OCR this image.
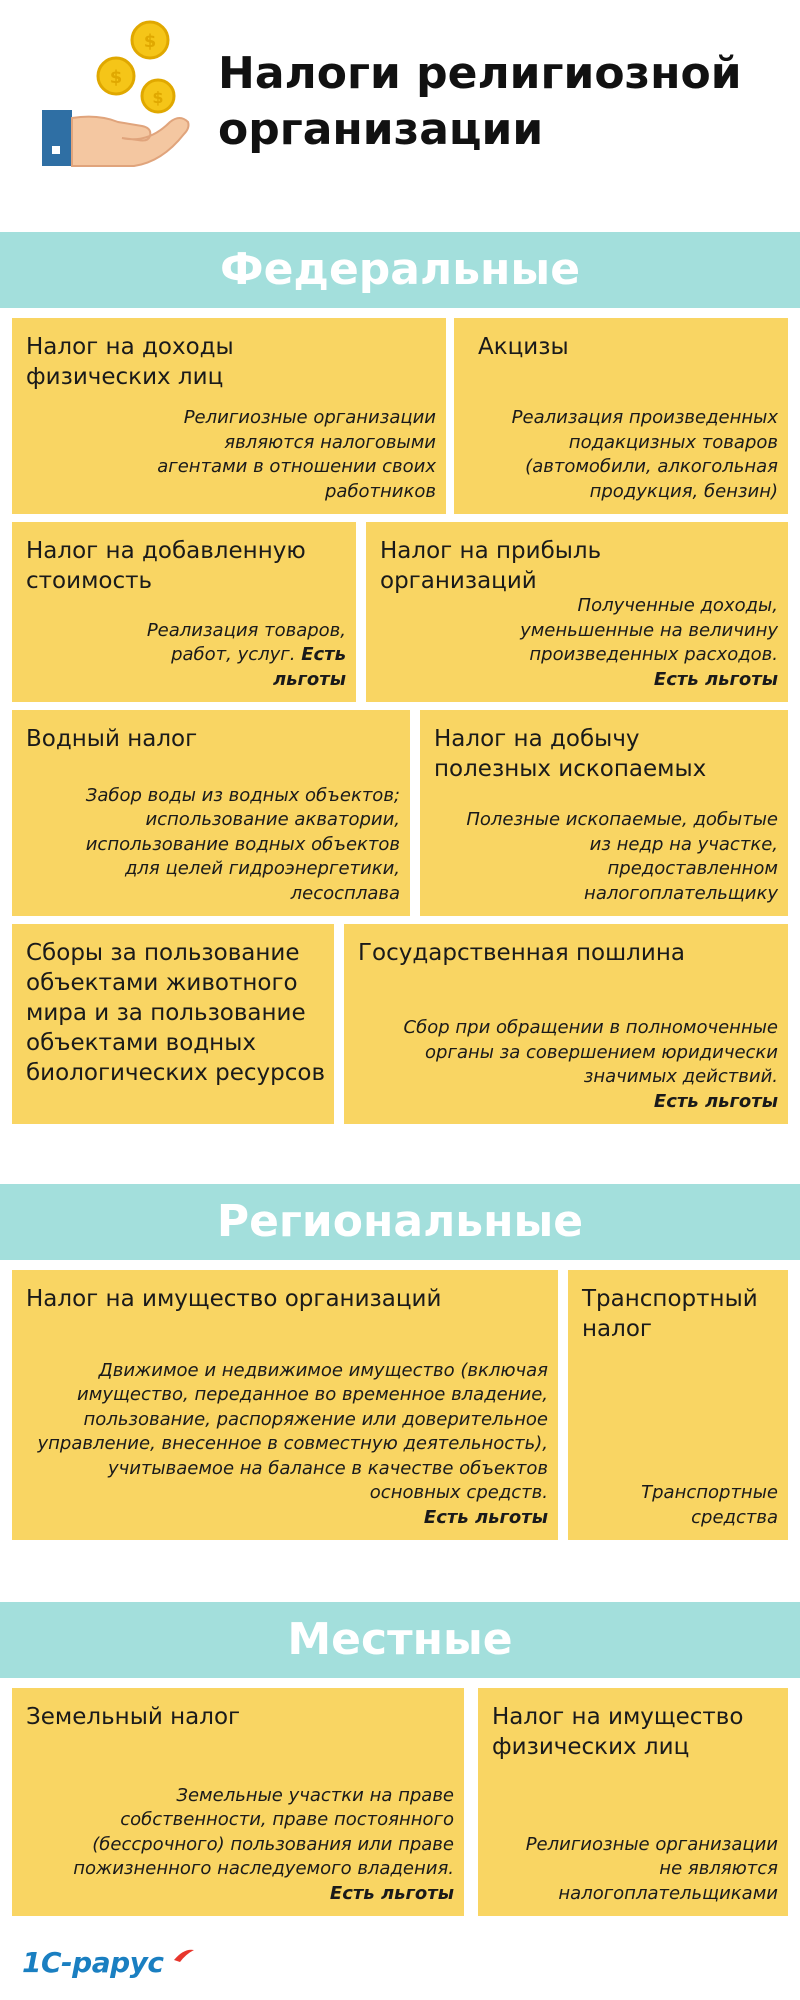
$
$
$ Налоги религиозной
организации
Федеральные
Налог на доходы физических лиц
Религиозные организации являются налоговыми агентами в отношении своих работников
Акцизы
Реализация произведенных подакцизных товаров (автомобили, алкогольная продукция, бензин)
Налог на добавленную стоимость
Реализация товаров, работ, услуг. Есть льготы
Налог на прибыль организаций
Полученные доходы, уменьшенные на величину произведенных расходов.
Есть льготы
Водный налог
Забор воды из водных объектов; использование акватории, использование водных объектов для целей гидроэнергетики, лесосплава
Налог на добычу полезных ископаемых
Полезные ископаемые, добытые из недр на участке, предоставленном налогоплательщику
Сборы за пользование объектами животного мира и за пользование объектами водных биологических ресурсов
Государственная пошлина
Сбор при обращении в полномоченные органы за совершением юридически значимых действий.
Есть льготы
Региональные
Налог на имущество организаций
Движимое и недвижимое имущество (включая имущество, переданное во временное владение, пользование, распоряжение или доверительное управление, внесенное в совместную деятельность), учитываемое на балансе в качестве объектов основных средств.
Есть льготы
Транспортный налог
Транспортные средства
Местные
Земельный налог
Земельные участки на праве собственности, праве постоянного (бессрочного) пользования или праве пожизненного наследуемого владения.
Есть льготы
Налог на имущество физических лиц
Религиозные организации не являются налогоплательщиками
1С-рарус
